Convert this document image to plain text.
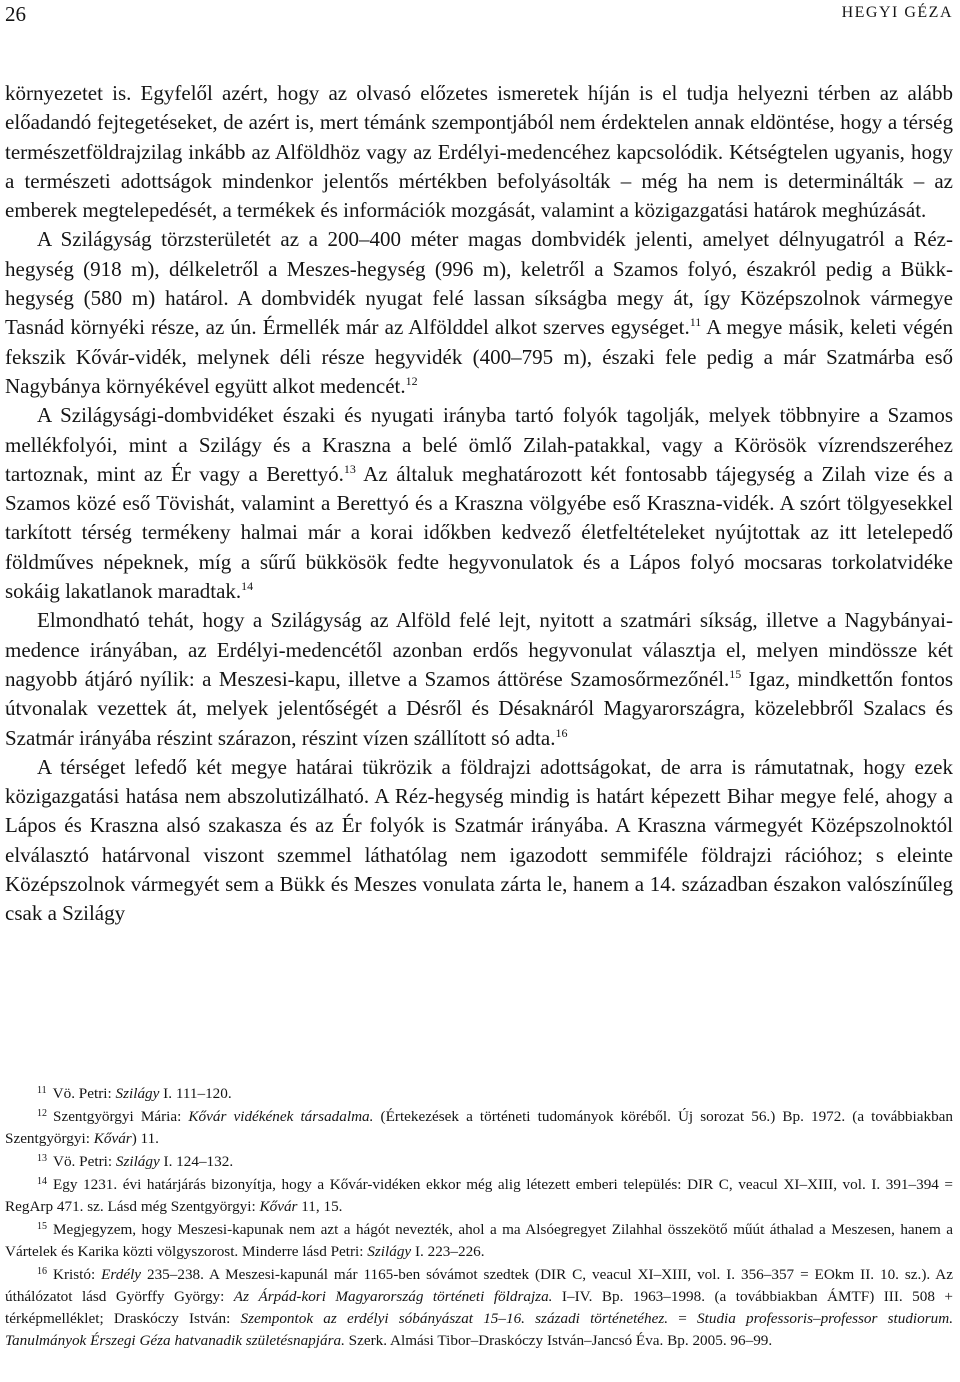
26	HEGYI GÉZA

környezetet is. Egyfelől azért, hogy az olvasó előzetes ismeretek híján is el tudja helyezni térben az alább előadandó fejtegetéseket, de azért is, mert témánk szempontjából nem érdektelen annak eldöntése, hogy a térség természetföldrajzilag inkább az Alföldhöz vagy az Erdélyi-medencéhez kapcsolódik. Kétségtelen ugyanis, hogy a természeti adottságok mindenkor jelentős mértékben befolyásolták – még ha nem is determinálták – az emberek megtelepedését, a termékek és információk mozgását, valamint a közigazgatási határok meghúzását.

A Szilágyság törzsterületét az a 200–400 méter magas dombvidék jelenti, amelyet délnyugatról a Réz-hegység (918 m), délkeletről a Meszes-hegység (996 m), keletről a Szamos folyó, északról pedig a Bükk-hegység (580 m) határol. A dombvidék nyugat felé lassan síkságba megy át, így Középszolnok vármegye Tasnád környéki része, az ún. Érmellék már az Alfölddel alkot szerves egységet.$^{11}$ A megye másik, keleti végén fekszik Kővár-vidék, melynek déli része hegyvidék (400–795 m), északi fele pedig a már Szatmárba eső Nagybánya környékével együtt alkot medencét.$^{12}$

A Szilágysági-dombvidéket északi és nyugati irányba tartó folyók tagolják, melyek többnyire a Szamos mellékfolyói, mint a Szilágy és a Kraszna a belé ömlő Zilah-patakkal, vagy a Körösök vízrendszeréhez tartoznak, mint az Ér vagy a Berettyó.$^{13}$ Az általuk meghatározott két fontosabb tájegység a Zilah vize és a Szamos közé eső Tövishát, valamint a Berettyó és a Kraszna völgyébe eső Kraszna-vidék. A szórt tölgyesekkel tarkított térség termékeny halmai már a korai időkben kedvező életfeltételeket nyújtottak az itt letelepedő földműves népeknek, míg a sűrű bükkösök fedte hegyvonulatok és a Lápos folyó mocsaras torkolatvidéke sokáig lakatlanok maradtak.$^{14}$

Elmondható tehát, hogy a Szilágyság az Alföld felé lejt, nyitott a szatmári síkság, illetve a Nagybányai-medence irányában, az Erdélyi-medencétől azonban erdős hegyvonulat választja el, melyen mindössze két nagyobb átjáró nyílik: a Meszesi-kapu, illetve a Szamos áttörése Szamosőrmezőnél.$^{15}$ Igaz, mindkettőn fontos útvonalak vezettek át, melyek jelentőségét a Désről és Désaknáról Magyarországra, közelebbről Szalacs és Szatmár irányába részint szárazon, részint vízen szállított só adta.$^{16}$

A térséget lefedő két megye határai tükrözik a földrajzi adottságokat, de arra is rámutatnak, hogy ezek közigazgatási hatása nem abszolutizálható. A Réz-hegység mindig is határt képezett Bihar megye felé, ahogy a Lápos és Kraszna alsó szakasza és az Ér folyók is Szatmár irányába. A Kraszna vármegyét Középszolnoktól elválasztó határvonal viszont szemmel láthatólag nem igazodott semmiféle földrajzi rációhoz; s eleinte Középszolnok vármegyét sem a Bükk és Meszes vonulata zárta le, hanem a 14. században északon valószínűleg csak a Szilágy

$^{11}$ Vö. Petri: Szilágy I. 111–120.

$^{12}$ Szentgyörgyi Mária: Kővár vidékének társadalma. (Értekezések a történeti tudományok köréből. Új sorozat 56.) Bp. 1972. (a továbbiakban Szentgyörgyi: Kővár) 11.

$^{13}$ Vö. Petri: Szilágy I. 124–132.

$^{14}$ Egy 1231. évi határjárás bizonyítja, hogy a Kővár-vidéken ekkor még alig létezett emberi település: DIR C, veacul XI–XIII, vol. I. 391–394 = RegArp 471. sz. Lásd még Szentgyörgyi: Kővár 11, 15.

$^{15}$ Megjegyzem, hogy Meszesi-kapunak nem azt a hágót nevezték, ahol a ma Alsóegregyet Zilahhal összekötő műút áthalad a Meszesen, hanem a Vártelek és Karika közti völgyszorost. Minderre lásd Petri: Szilágy I. 223–226.

$^{16}$ Kristó: Erdély 235–238. A Meszesi-kapunál már 1165-ben sóvámot szedtek (DIR C, veacul XI–XIII, vol. I. 356–357 = EOkm II. 10. sz.). Az úthálózatot lásd Györffy György: Az Árpád-kori Magyarország történeti földrajza. I–IV. Bp. 1963–1998. (a továbbiakban ÁMTF) III. 508 + térképmelléklet; Draskóczy István: Szempontok az erdélyi sóbányászat 15–16. századi történetéhez. = Studia professoris–professor studiorum. Tanulmányok Érszegi Géza hatvanadik születésnapjára. Szerk. Almási Tibor–Draskóczy István–Jancsó Éva. Bp. 2005. 96–99.
